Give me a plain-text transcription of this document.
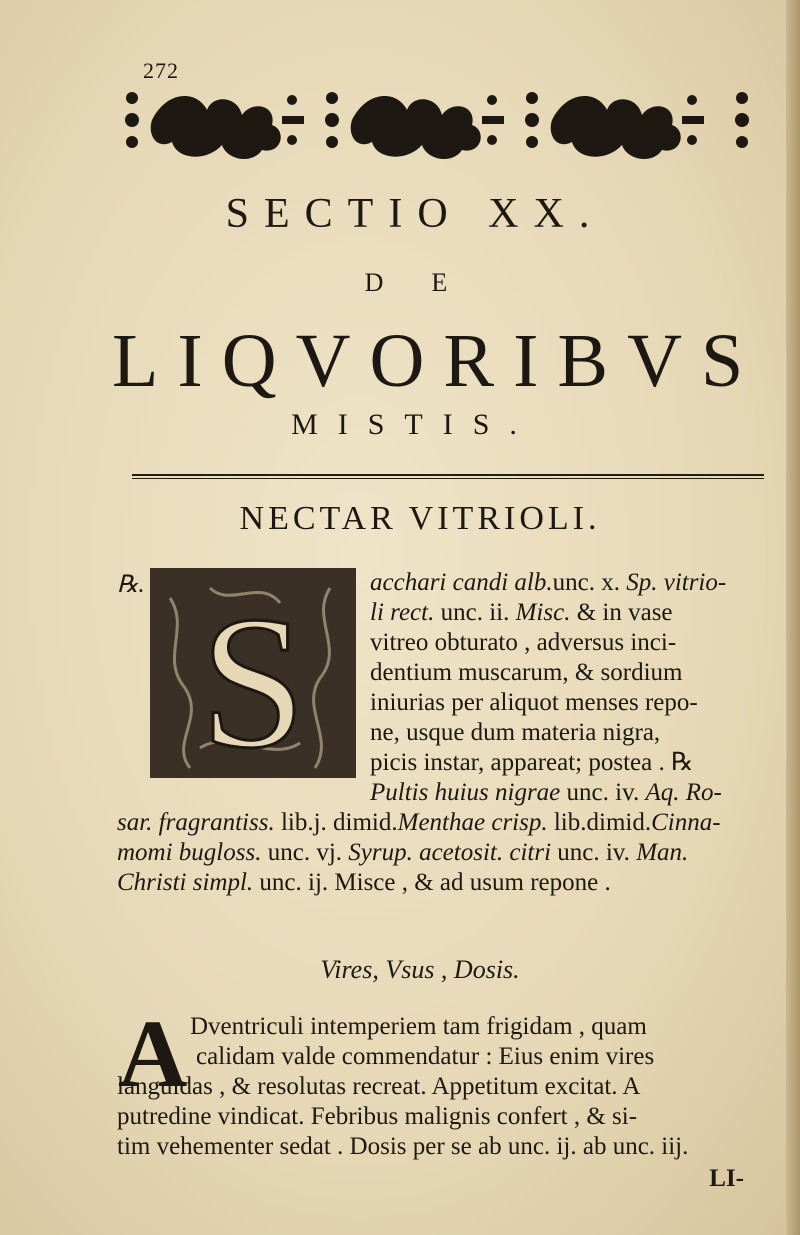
272
SECTIO XX.
DE
LIQVORIBVS
MISTIS.
NECTAR VITRIOLI.
℞. S	acchari candi alb.unc. x. Sp. vitrio-
li rect. unc. ii. Misc. & in vase
vitreo obturato , adversus inci-
dentium muscarum, & sordium
iniurias per aliquot menses repo-
ne, usque dum materia nigra,
picis instar, appareat; postea . ℞
Pultis huius nigrae unc. iv. Aq. Ro-
sar. fragrantiss. lib.j. dimid.Menthae crisp. lib.dimid.Cinna-
momi bugloss. unc. vj. Syrup. acetosit. citri unc. iv. Man.
Christi simpl. unc. ij. Misce , & ad usum repone .
Vires, Vsus , Dosis.
A Dventriculi intemperiem tam frigidam , quam
calidam valde commendatur : Eius enim vires
languidas , & resolutas recreat. Appetitum excitat. A
putredine vindicat. Febribus malignis confert , & si-
tim vehementer sedat . Dosis per se ab unc. ij. ab unc. iij.
LI-
